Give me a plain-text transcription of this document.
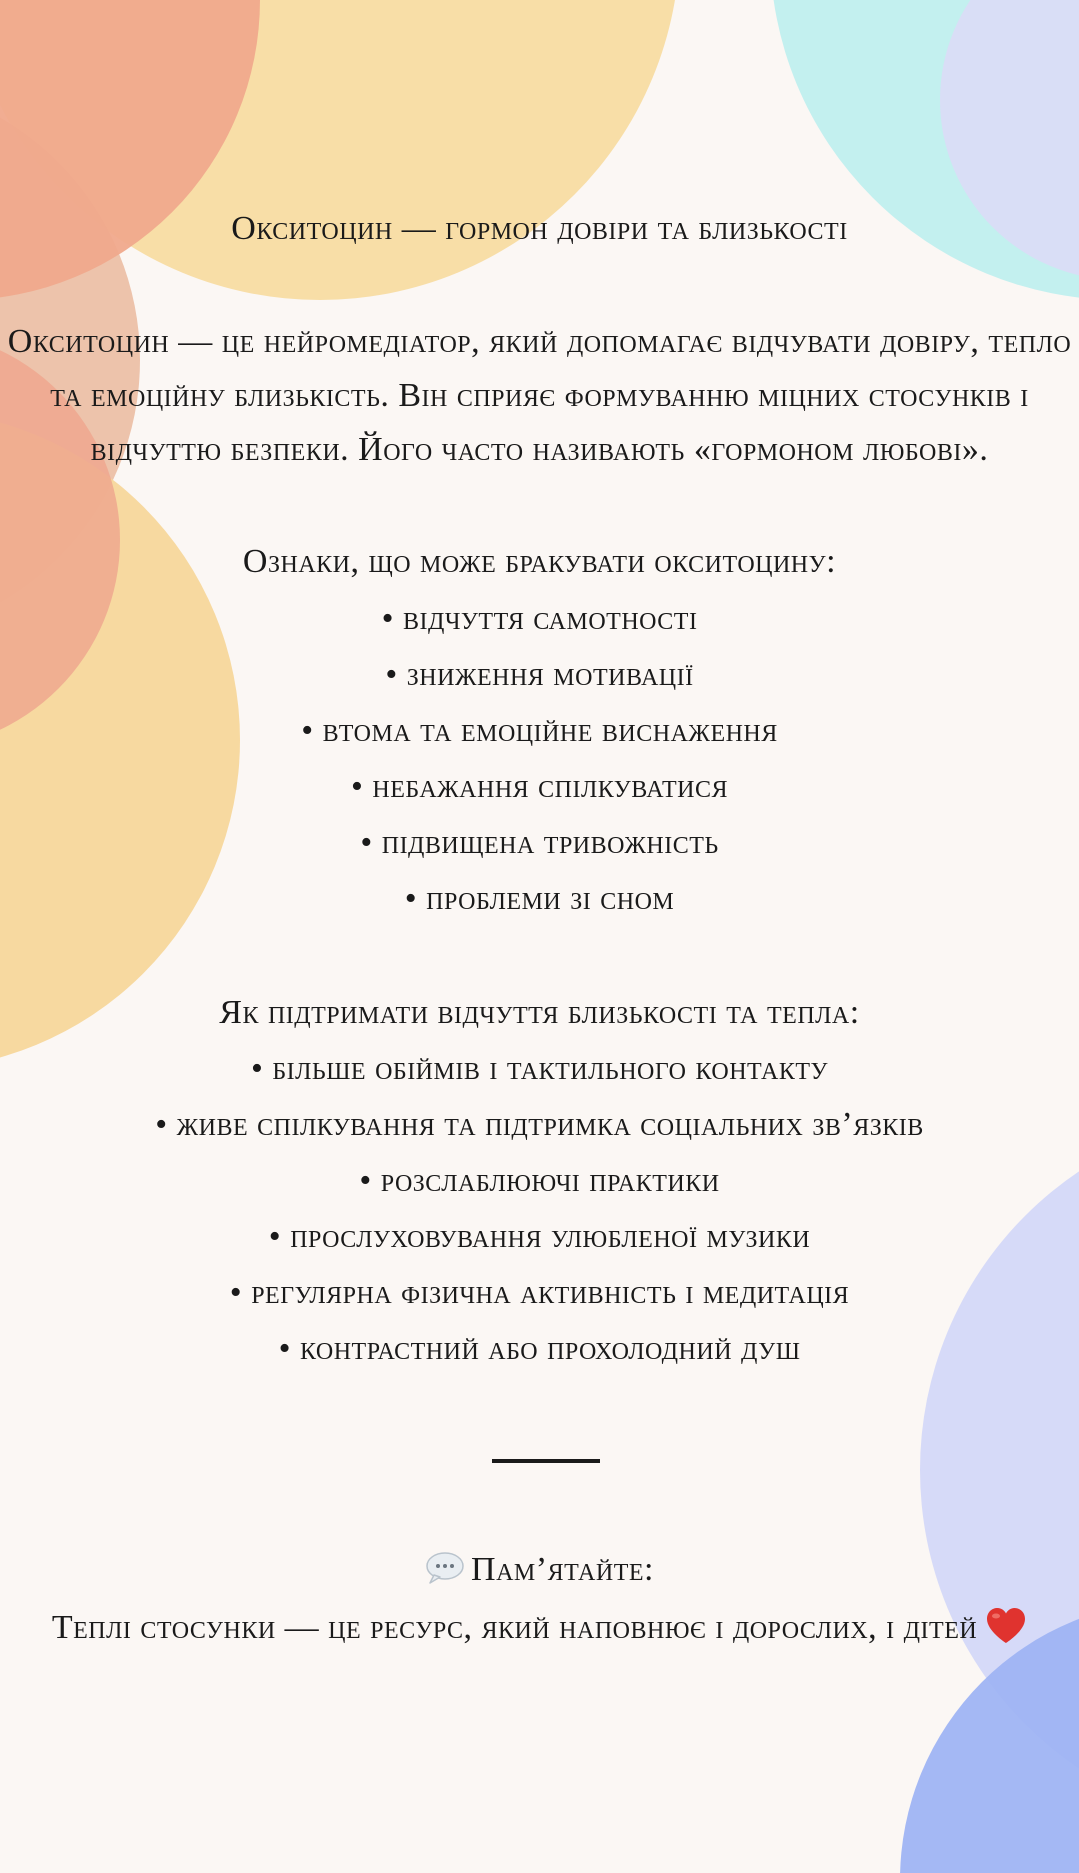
Окситоцин — гормон довіри та близькості
Окситоцин — це нейромедіатор, який допомагає відчувати довіру, тепло
та емоційну близькість. Він сприяє формуванню міцних стосунків і
відчуттю безпеки. Його часто називають «гормоном любові».
Ознаки, що може бракувати окситоцину:
• відчуття самотності
• зниження мотивації
• втома та емоційне виснаження
• небажання спілкуватися
• підвищена тривожність
• проблеми зі сном
Як підтримати відчуття близькості та тепла:
• більше обіймів і тактильного контакту
• живе спілкування та підтримка соціальних зв’язків
• розслаблюючі практики
• прослуховування улюбленої музики
• регулярна фізична активність і медитація
• контрастний або прохолодний душ
Пам’ятайте:
Теплі стосунки — це ресурс, який наповнює і дорослих, і дітей
